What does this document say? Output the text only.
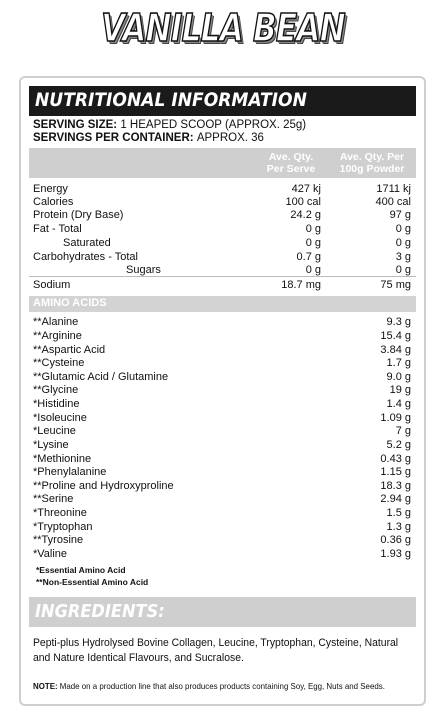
VANILLA BEAN
NUTRITIONAL INFORMATION
SERVING SIZE: 1 HEAPED SCOOP (APPROX. 25g)
SERVINGS PER CONTAINER: APPROX. 36
Ave. Qty.
Per Serve
Ave. Qty. Per
100g Powder
Energy	427 kj	1711 kj
Calories	100 cal	400 cal
Protein (Dry Base)	24.2 g	97 g
Fat - Total	0 g	0 g
Saturated	0 g	0 g
Carbohydrates - Total	0.7 g	3 g
Sugars	0 g	0 g
Sodium	18.7 mg	75 mg
AMINO ACIDS
**Alanine	9.3 g
**Arginine	15.4 g
**Aspartic Acid	3.84 g
**Cysteine	1.7 g
**Glutamic Acid / Glutamine	9.0 g
**Glycine	19 g
*Histidine	1.4 g
*Isoleucine	1.09 g
*Leucine	7 g
*Lysine	5.2 g
*Methionine	0.43 g
*Phenylalanine	1.15 g
**Proline and Hydroxyproline	18.3 g
**Serine	2.94 g
*Threonine	1.5 g
*Tryptophan	1.3 g
**Tyrosine	0.36 g
*Valine	1.93 g
*Essential Amino Acid
**Non-Essential Amino Acid
INGREDIENTS:
Pepti-plus Hydrolysed Bovine Collagen, Leucine, Tryptophan, Cysteine, Natural
and Nature Identical Flavours, and Sucralose.
NOTE: Made on a production line that also produces products containing Soy, Egg, Nuts and Seeds.
